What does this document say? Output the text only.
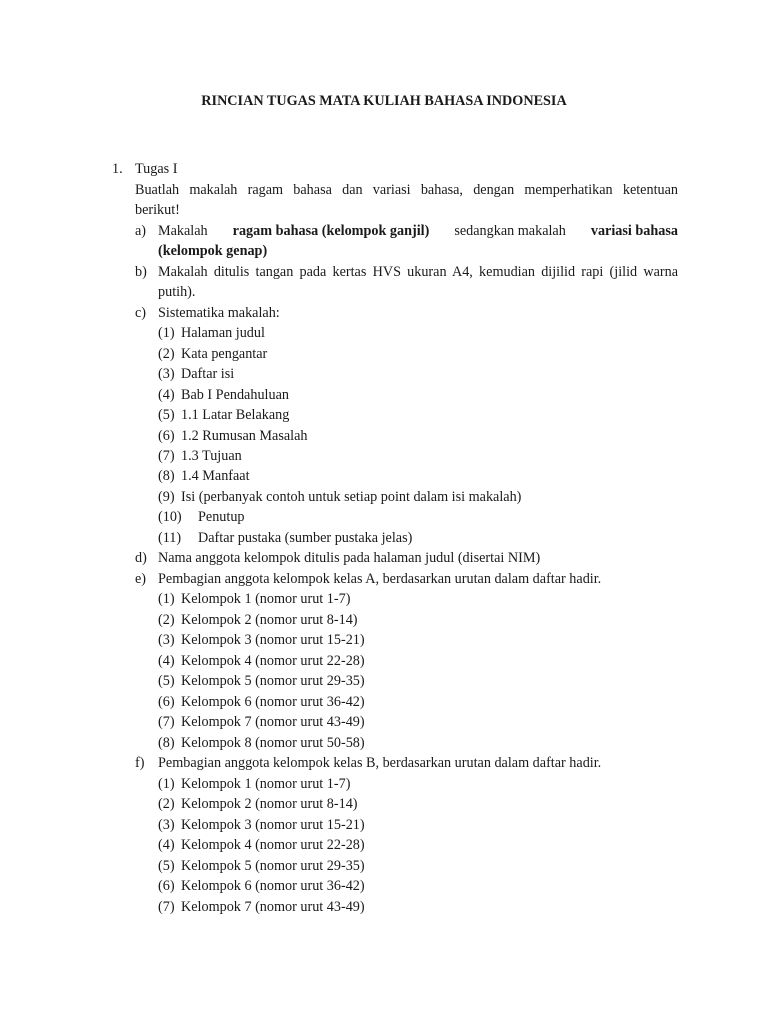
RINCIAN TUGAS MATA KULIAH BAHASA INDONESIA
1. Tugas I
Buatlah makalah ragam bahasa dan variasi bahasa, dengan memperhatikan ketentuan
berikut!
a) Makalah ragam bahasa (kelompok ganjil) sedangkan makalah variasi bahasa
(kelompok genap)
b) Makalah ditulis tangan pada kertas HVS ukuran A4, kemudian dijilid rapi (jilid warna
putih).
c) Sistematika makalah:
(1) Halaman judul
(2) Kata pengantar
(3) Daftar isi
(4) Bab I Pendahuluan
(5) 1.1 Latar Belakang
(6) 1.2 Rumusan Masalah
(7) 1.3 Tujuan
(8) 1.4 Manfaat
(9) Isi (perbanyak contoh untuk setiap point dalam isi makalah)
(10) Penutup
(11) Daftar pustaka (sumber pustaka jelas)
d) Nama anggota kelompok ditulis pada halaman judul (disertai NIM)
e) Pembagian anggota kelompok kelas A, berdasarkan urutan dalam daftar hadir.
(1) Kelompok 1 (nomor urut 1-7)
(2) Kelompok 2 (nomor urut 8-14)
(3) Kelompok 3 (nomor urut 15-21)
(4) Kelompok 4 (nomor urut 22-28)
(5) Kelompok 5 (nomor urut 29-35)
(6) Kelompok 6 (nomor urut 36-42)
(7) Kelompok 7 (nomor urut 43-49)
(8) Kelompok 8 (nomor urut 50-58)
f) Pembagian anggota kelompok kelas B, berdasarkan urutan dalam daftar hadir.
(1) Kelompok 1 (nomor urut 1-7)
(2) Kelompok 2 (nomor urut 8-14)
(3) Kelompok 3 (nomor urut 15-21)
(4) Kelompok 4 (nomor urut 22-28)
(5) Kelompok 5 (nomor urut 29-35)
(6) Kelompok 6 (nomor urut 36-42)
(7) Kelompok 7 (nomor urut 43-49)
